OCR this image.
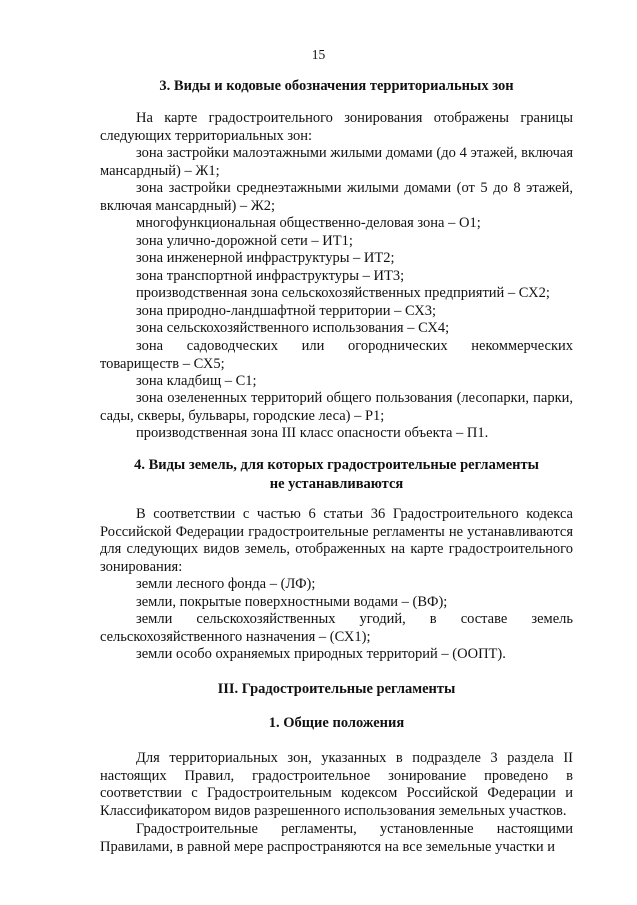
15
3. Виды и кодовые обозначения территориальных зон

На карте градостроительного зонирования отображены границы следующих территориальных зон:

зона застройки малоэтажными жилыми домами (до 4 этажей, включая мансардный) – Ж1;

зона застройки среднеэтажными жилыми домами (от 5 до 8 этажей, включая мансардный) – Ж2;

многофункциональная общественно-деловая зона – О1;

зона улично-дорожной сети – ИТ1;

зона инженерной инфраструктуры – ИТ2;

зона транспортной инфраструктуры – ИТ3;

производственная зона сельскохозяйственных предприятий – СХ2;

зона природно-ландшафтной территории – СХ3;

зона сельскохозяйственного использования – СХ4;

зона садоводческих или огороднических некоммерческих товариществ – СХ5;

зона кладбищ – С1;

зона озелененных территорий общего пользования (лесопарки, парки, сады, скверы, бульвары, городские леса) – Р1;

производственная зона III класс опасности объекта – П1.

4. Виды земель, для которых градостроительные регламенты
не устанавливаются

В соответствии с частью 6 статьи 36 Градостроительного кодекса Российской Федерации градостроительные регламенты не устанавливаются для следующих видов земель, отображенных на карте градостроительного зонирования:

земли лесного фонда – (ЛФ);

земли, покрытые поверхностными водами – (ВФ);

земли сельскохозяйственных угодий, в составе земель сельскохозяйственного назначения – (СХ1);

земли особо охраняемых природных территорий – (ООПТ).

III. Градостроительные регламенты
1. Общие положения

Для территориальных зон, указанных в подразделе 3 раздела II настоящих Правил, градостроительное зонирование проведено в соответствии с Градостроительным кодексом Российской Федерации и Классификатором видов разрешенного использования земельных участков.

Градостроительные регламенты, установленные настоящими Правилами, в равной мере распространяются на все земельные участки и
